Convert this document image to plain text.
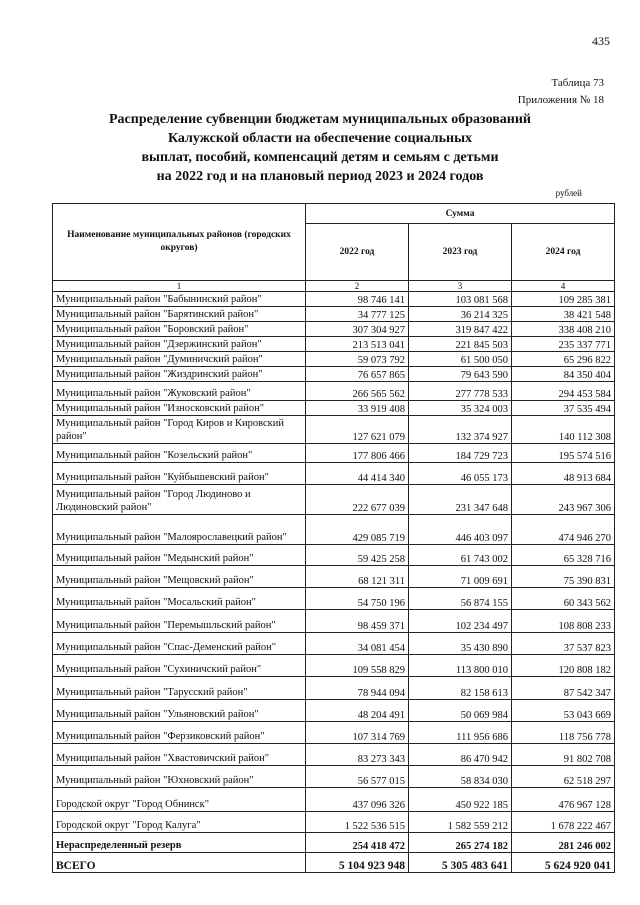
435
Таблица 73
Приложения № 18
Распределение субвенции бюджетам муниципальных образований
Калужской области на обеспечение социальных
выплат, пособий, компенсаций детям и семьям с детьми
на 2022 год и на плановый период 2023 и 2024 годов
рублей
Наименование муниципальных районов (городских округов)	Сумма		
	2022 год	2023 год	2024 год
1	2	3	4
Муниципальный район "Бабынинский район"	98 746 141	103 081 568	109 285 381
Муниципальный район "Барятинский район"	34 777 125	36 214 325	38 421 548
Муниципальный район "Боровский район"	307 304 927	319 847 422	338 408 210
Муниципальный район "Дзержинский район"	213 513 041	221 845 503	235 337 771
Муниципальный район "Думиничский район"	59 073 792	61 500 050	65 296 822
Муниципальный район "Жиздринский район"	76 657 865	79 643 590	84 350 404
Муниципальный район "Жуковский район"	266 565 562	277 778 533	294 453 584
Муниципальный район "Износковский район"	33 919 408	35 324 003	37 535 494
Муниципальный район "Город Киров и Кировский район"	127 621 079	132 374 927	140 112 308
Муниципальный район "Козельский район"	177 806 466	184 729 723	195 574 516
Муниципальный район "Куйбышевский район"	44 414 340	46 055 173	48 913 684
Муниципальный район "Город Людиново и Людиновский район"	222 677 039	231 347 648	243 967 306
Муниципальный район "Малоярославецкий район"	429 085 719	446 403 097	474 946 270
Муниципальный район "Медынский район"	59 425 258	61 743 002	65 328 716
Муниципальный район "Мещовский район"	68 121 311	71 009 691	75 390 831
Муниципальный район "Мосальский район"	54 750 196	56 874 155	60 343 562
Муниципальный район "Перемышльский район"	98 459 371	102 234 497	108 808 233
Муниципальный район "Спас-Деменский район"	34 081 454	35 430 890	37 537 823
Муниципальный район "Сухиничский район"	109 558 829	113 800 010	120 808 182
Муниципальный район "Тарусский район"	78 944 094	82 158 613	87 542 347
Муниципальный район "Ульяновский район"	48 204 491	50 069 984	53 043 669
Муниципальный район "Ферзиковский район"	107 314 769	111 956 686	118 756 778
Муниципальный район "Хвастовичский район"	83 273 343	86 470 942	91 802 708
Муниципальный район "Юхновский район"	56 577 015	58 834 030	62 518 297
Городской округ "Город Обнинск"	437 096 326	450 922 185	476 967 128
Городской округ "Город Калуга"	1 522 536 515	1 582 559 212	1 678 222 467
Нераспределенный резерв	254 418 472	265 274 182	281 246 002
ВСЕГО	5 104 923 948	5 305 483 641	5 624 920 041
